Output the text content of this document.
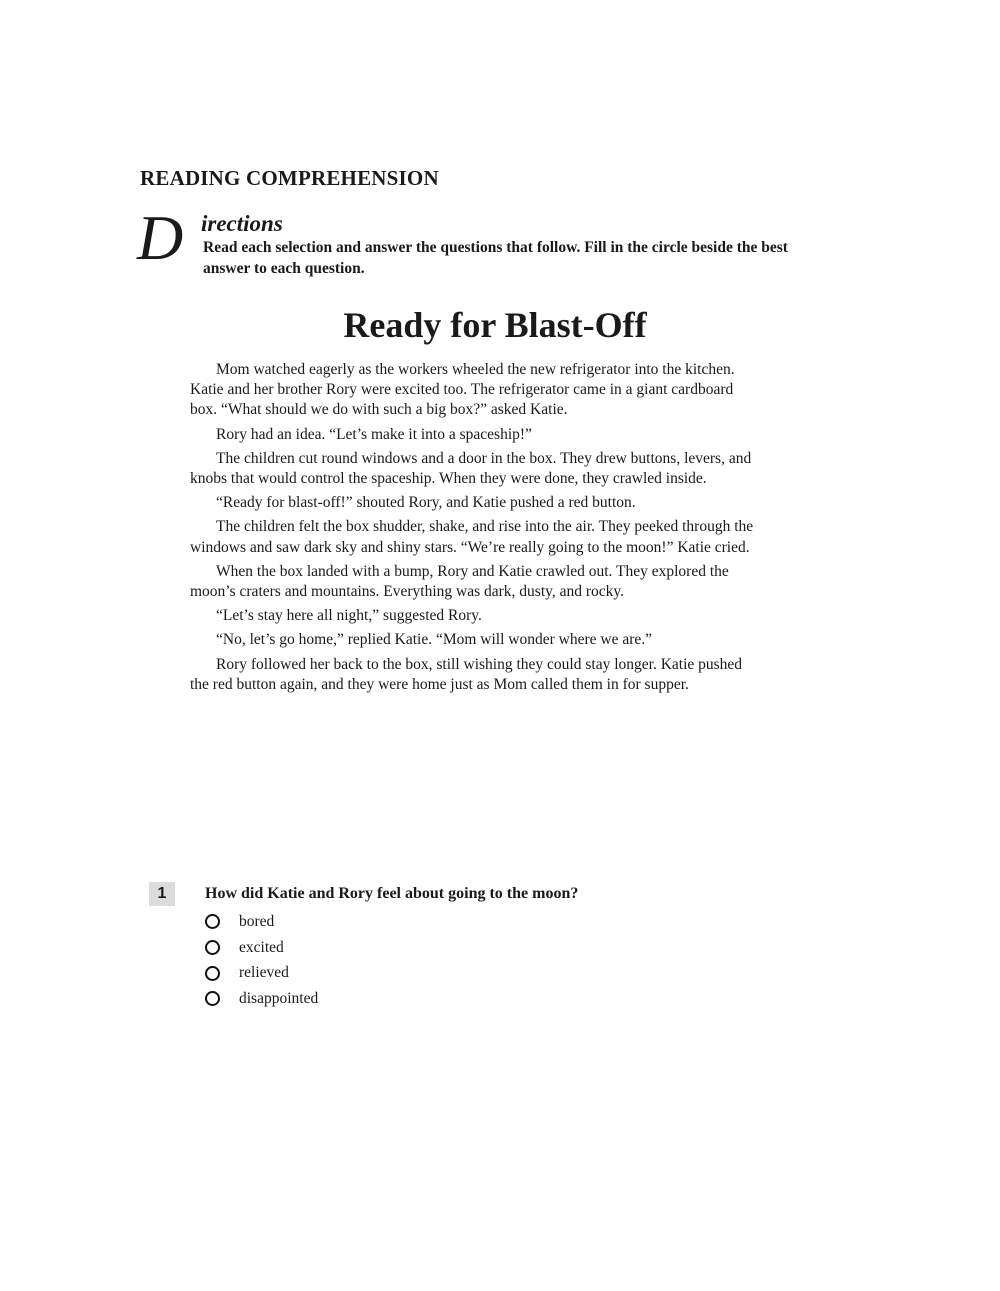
READING COMPREHENSION
D irections

Read each selection and answer the questions that follow. Fill in the circle beside the best answer to each question.

Ready for Blast-Off

Mom watched eagerly as the workers wheeled the new refrigerator into the kitchen. Katie and her brother Rory were excited too. The refrigerator came in a giant cardboard box. “What should we do with such a big box?” asked Katie.

Rory had an idea. “Let’s make it into a spaceship!”

The children cut round windows and a door in the box. They drew buttons, levers, and knobs that would control the spaceship. When they were done, they crawled inside.

“Ready for blast-off!” shouted Rory, and Katie pushed a red button.

The children felt the box shudder, shake, and rise into the air. They peeked through the windows and saw dark sky and shiny stars. “We’re really going to the moon!” Katie cried.

When the box landed with a bump, Rory and Katie crawled out. They explored the moon’s craters and mountains. Everything was dark, dusty, and rocky.

“Let’s stay here all night,” suggested Rory.

“No, let’s go home,” replied Katie. “Mom will wonder where we are.”

Rory followed her back to the box, still wishing they could stay longer. Katie pushed the red button again, and they were home just as Mom called them in for supper.

1	How did Katie and Rory feel about going to the moon?

bored
excited
relieved
disappointed
